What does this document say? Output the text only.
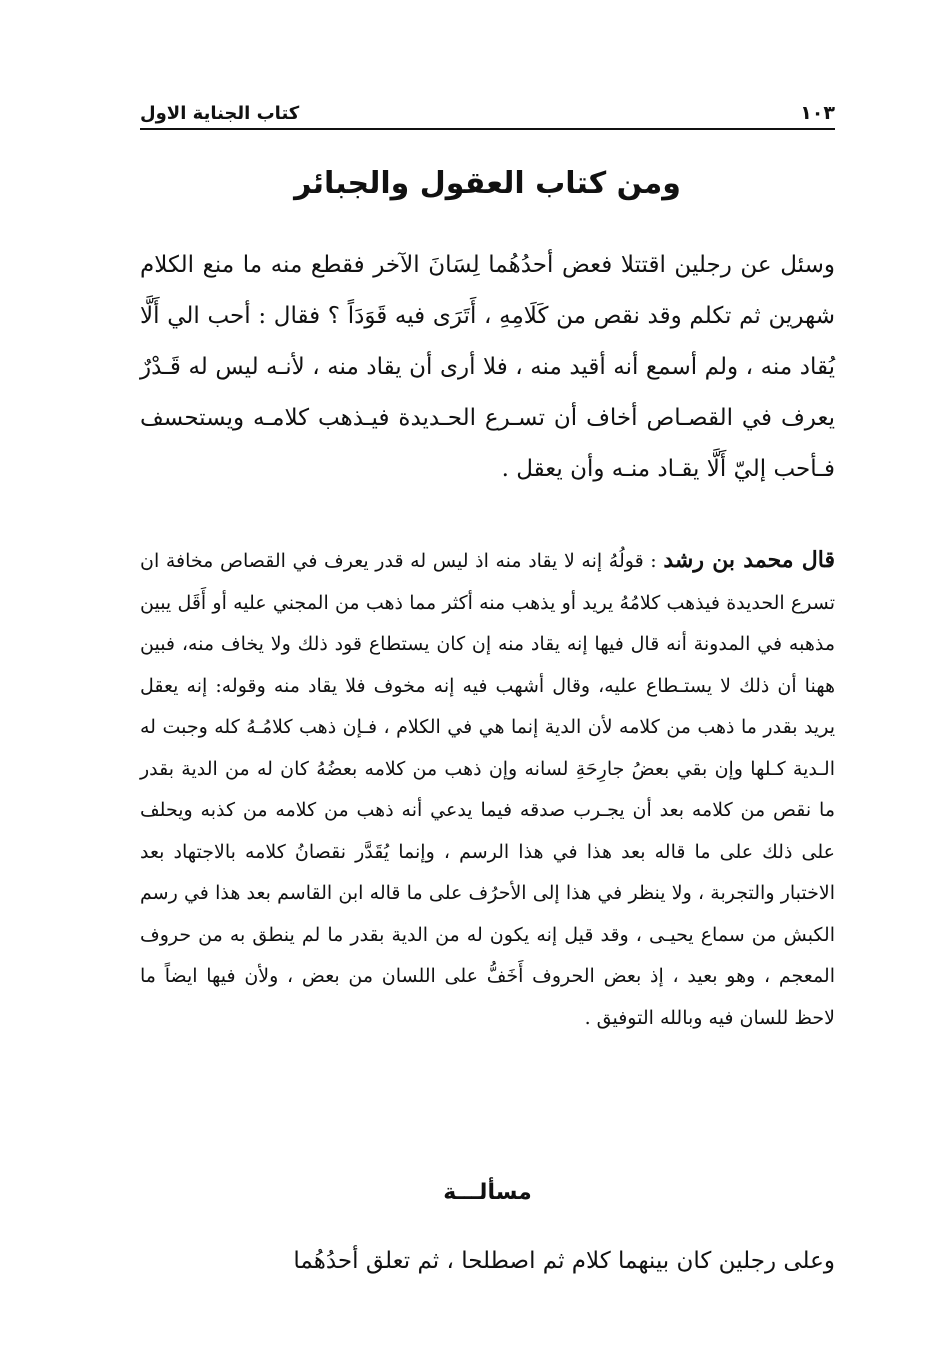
كتاب الجناية الاول	١٠٣
ومن كتاب العقول والجبائر

وسئل عن رجلين اقتتلا فعض أحدُهُما لِسَانَ الآخر فقطع منه ما منع الكلام شهرين ثم تكلم وقد نقص من كَلَامِهِ ، أَتَرَى فيه قَوَدَاً ؟ فقال : أحب الي أَلَّا يُقاد منه ، ولم أسمع أنه أقيد منه ، فلا أرى أن يقاد منه ، لأنـه ليس له قَـدْرٌ يعرف في القصـاص أخاف أن تسـرع الحـديدة فيـذهب كلامـه ويستحسف فـأحب إليّ أَلَّا يقـاد منـه وأن يعقل .

قال محمد بن رشد : قولُهُ إنه لا يقاد منه اذ ليس له قدر يعرف في القصاص مخافة ان تسرع الحديدة فيذهب كلامُهُ يريد أو يذهب منه أكثر مما ذهب من المجني عليه أو أَقَل يبين مذهبه في المدونة أنه قال فيها إنه يقاد منه إن كان يستطاع قود ذلك ولا يخاف منه، فبين ههنا أن ذلك لا يستـطاع عليه، وقال أشهب فيه إنه مخوف فلا يقاد منه وقوله: إنه يعقل يريد بقدر ما ذهب من كلامه لأن الدية إنما هي في الكلام ، فـإن ذهب كلامُـهُ كله وجبت له الـدية كـلها وإن بقي بعضُ جارِحَةِ لسانه وإن ذهب من كلامه بعضُهُ كان له من الدية بقدر ما نقص من كلامه بعد أن يجـرب صدقه فيما يدعي أنه ذهب من كلامه من كذبه ويحلف على ذلك على ما قاله بعد هذا في هذا الرسم ، وإنما يُقَدَّر نقصانُ كلامه بالاجتهاد بعد الاختبار والتجربة ، ولا ينظر في هذا إلى الأحرُف على ما قاله ابن القاسم بعد هذا في رسم الكبش من سماع يحيـى ، وقد قيل إنه يكون له من الدية بقدر ما لم ينطق به من حروف المعجم ، وهو بعيد ، إذ بعض الحروف أَخَفُّ على اللسان من بعض ، ولأن فيها ايضاً ما لاحظ للسان فيه وبالله التوفيق .

مسألـــة

وعلى رجلين كان بينهما كلام ثم اصطلحا ، ثم تعلق أحدُهُما
